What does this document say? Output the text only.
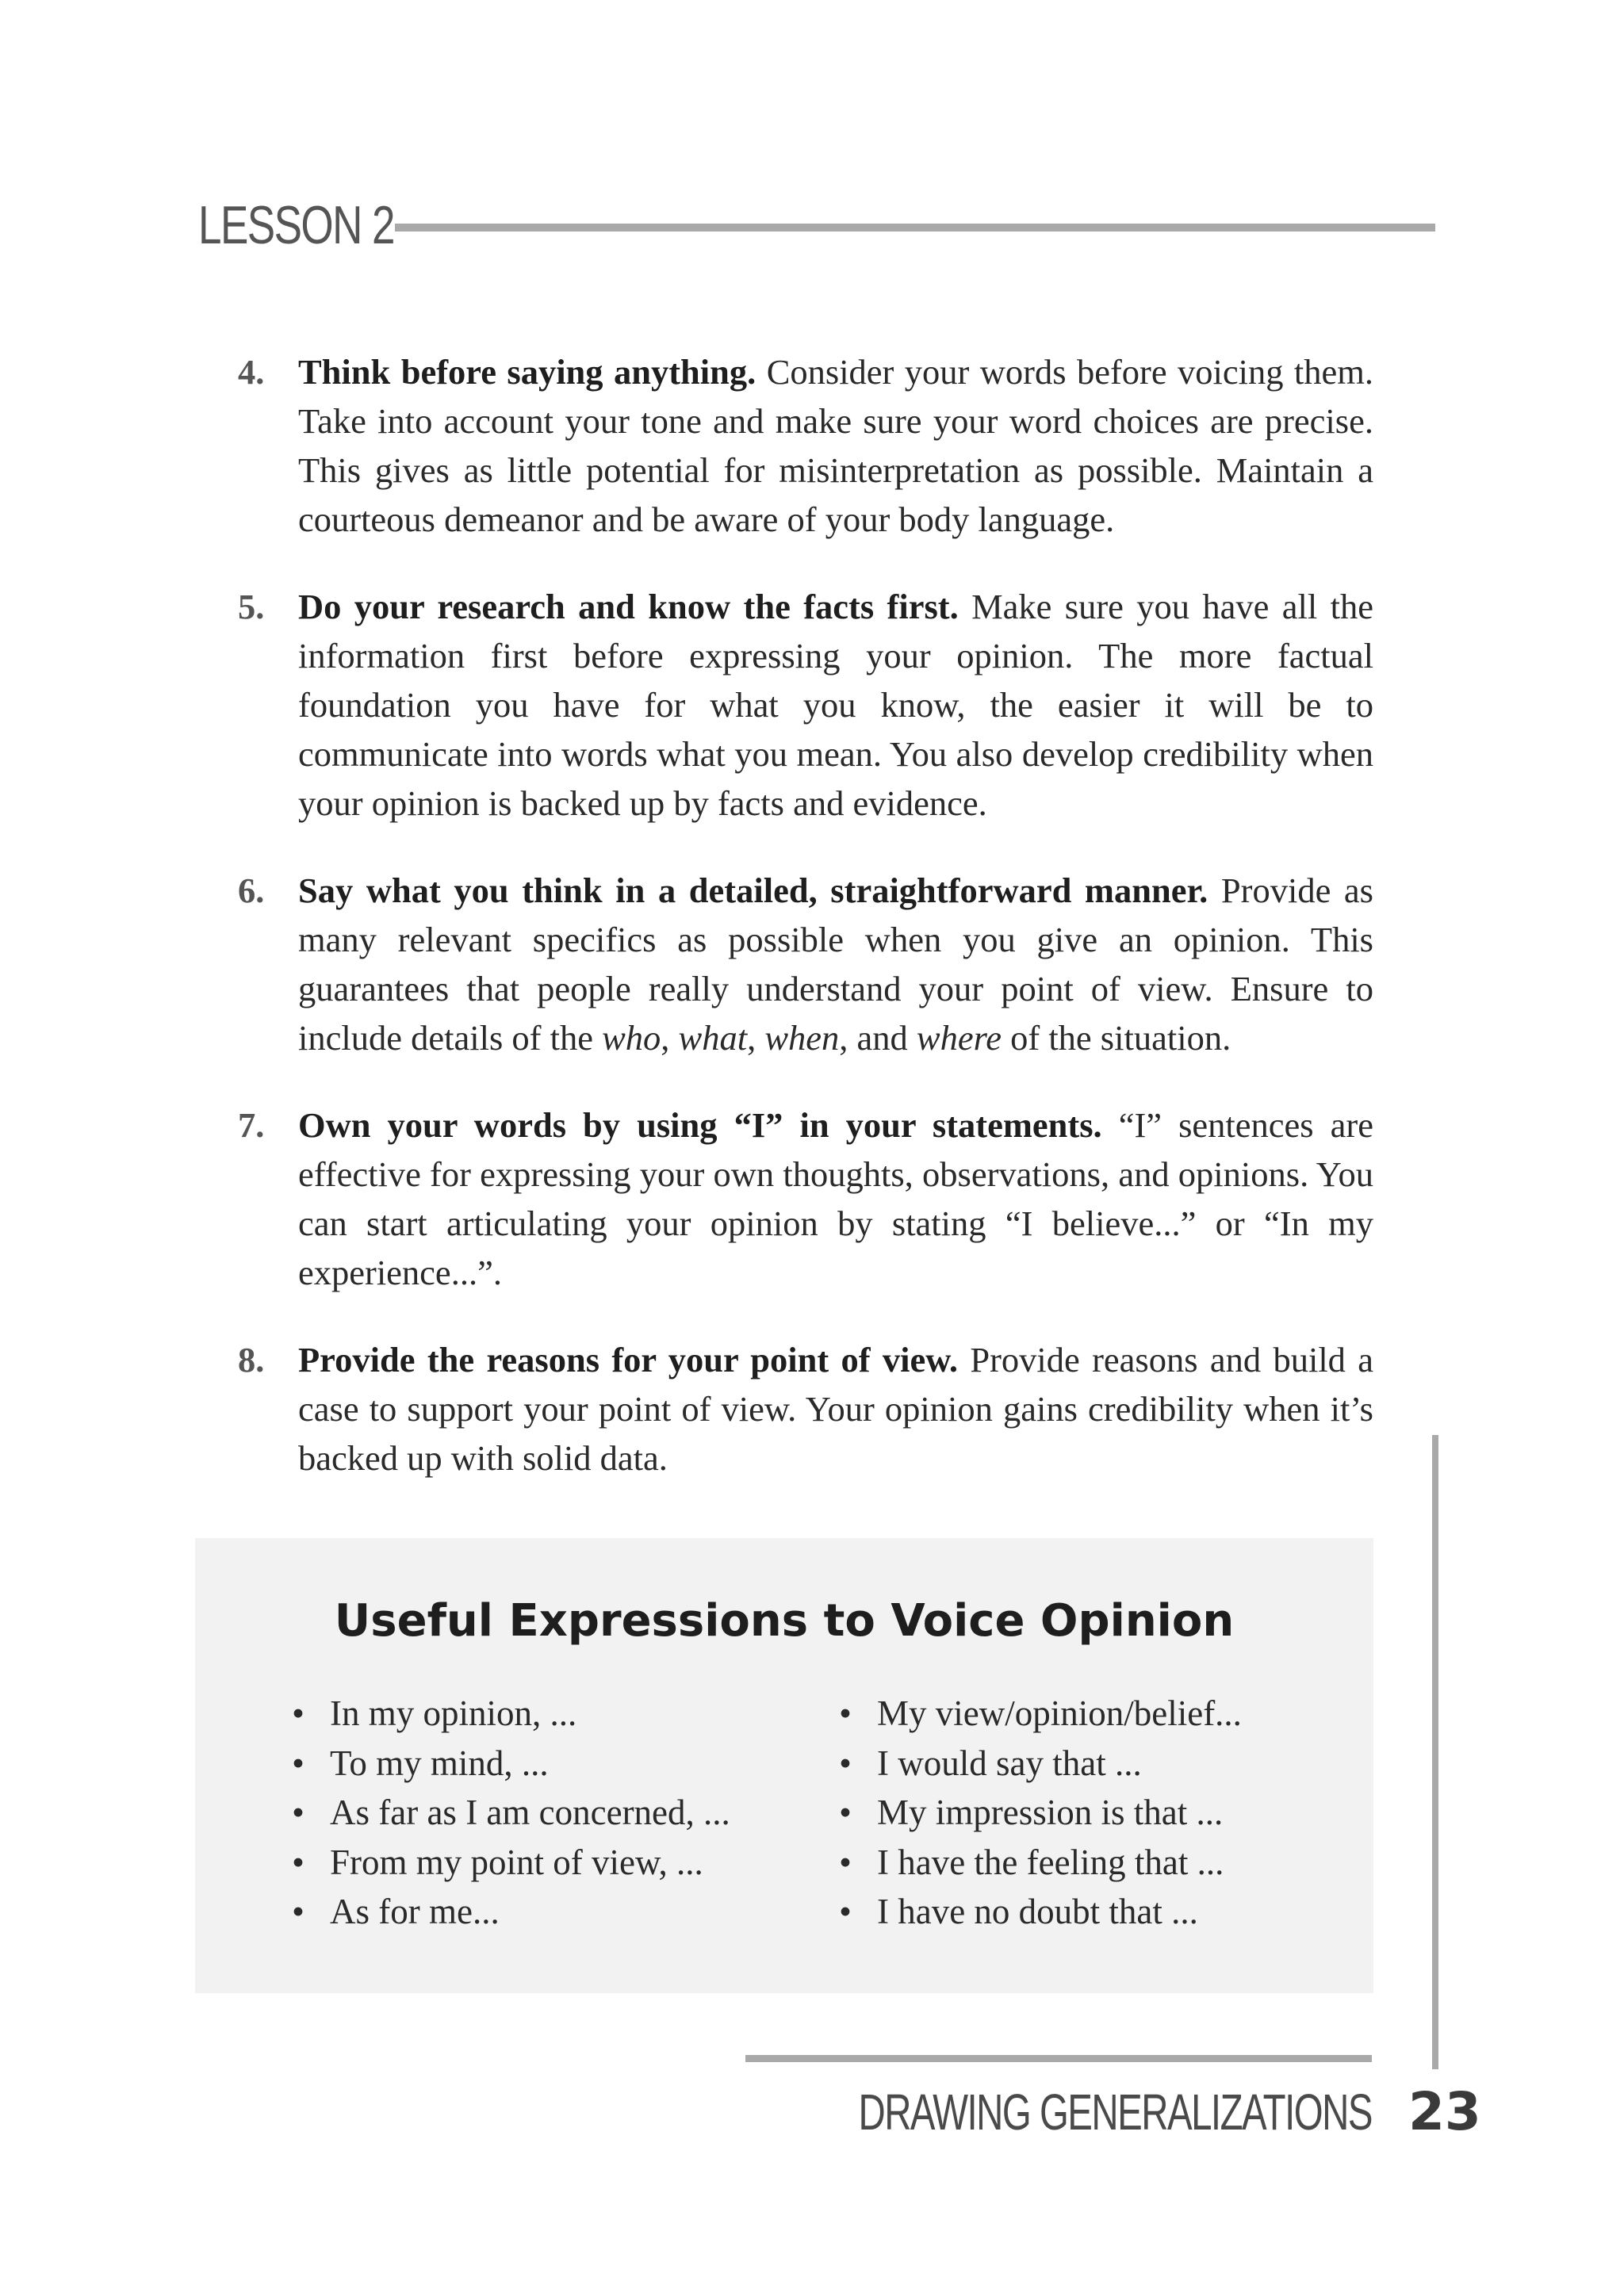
LESSON 2
4. Think before saying anything. Consider your words before voicing them. Take into account your tone and make sure your word choices are precise. This gives as little potential for misinterpretation as possible. Maintain a courteous demeanor and be aware of your body language.
5. Do your research and know the facts first. Make sure you have all the information first before expressing your opinion. The more factual foundation you have for what you know, the easier it will be to communicate into words what you mean. You also develop credibility when your opinion is backed up by facts and evidence.
6. Say what you think in a detailed, straightforward manner. Provide as many relevant specifics as possible when you give an opinion. This guarantees that people really understand your point of view. Ensure to include details of the who, what, when, and where of the situation.
7. Own your words by using “I” in your statements. “I” sentences are effective for expressing your own thoughts, observations, and opinions. You can start articulating your opinion by stating “I believe...” or “In my experience...”.
8. Provide the reasons for your point of view. Provide reasons and build a case to support your point of view. Your opinion gains credibility when it’s backed up with solid data.
Useful Expressions to Voice Opinion
• In my opinion, ...
• To my mind, ...
• As far as I am concerned, ...
• From my point of view, ...
• As for me...
• My view/opinion/belief...
• I would say that ...
• My impression is that ...
• I have the feeling that ...
• I have no doubt that ...
DRAWING GENERALIZATIONS 23
